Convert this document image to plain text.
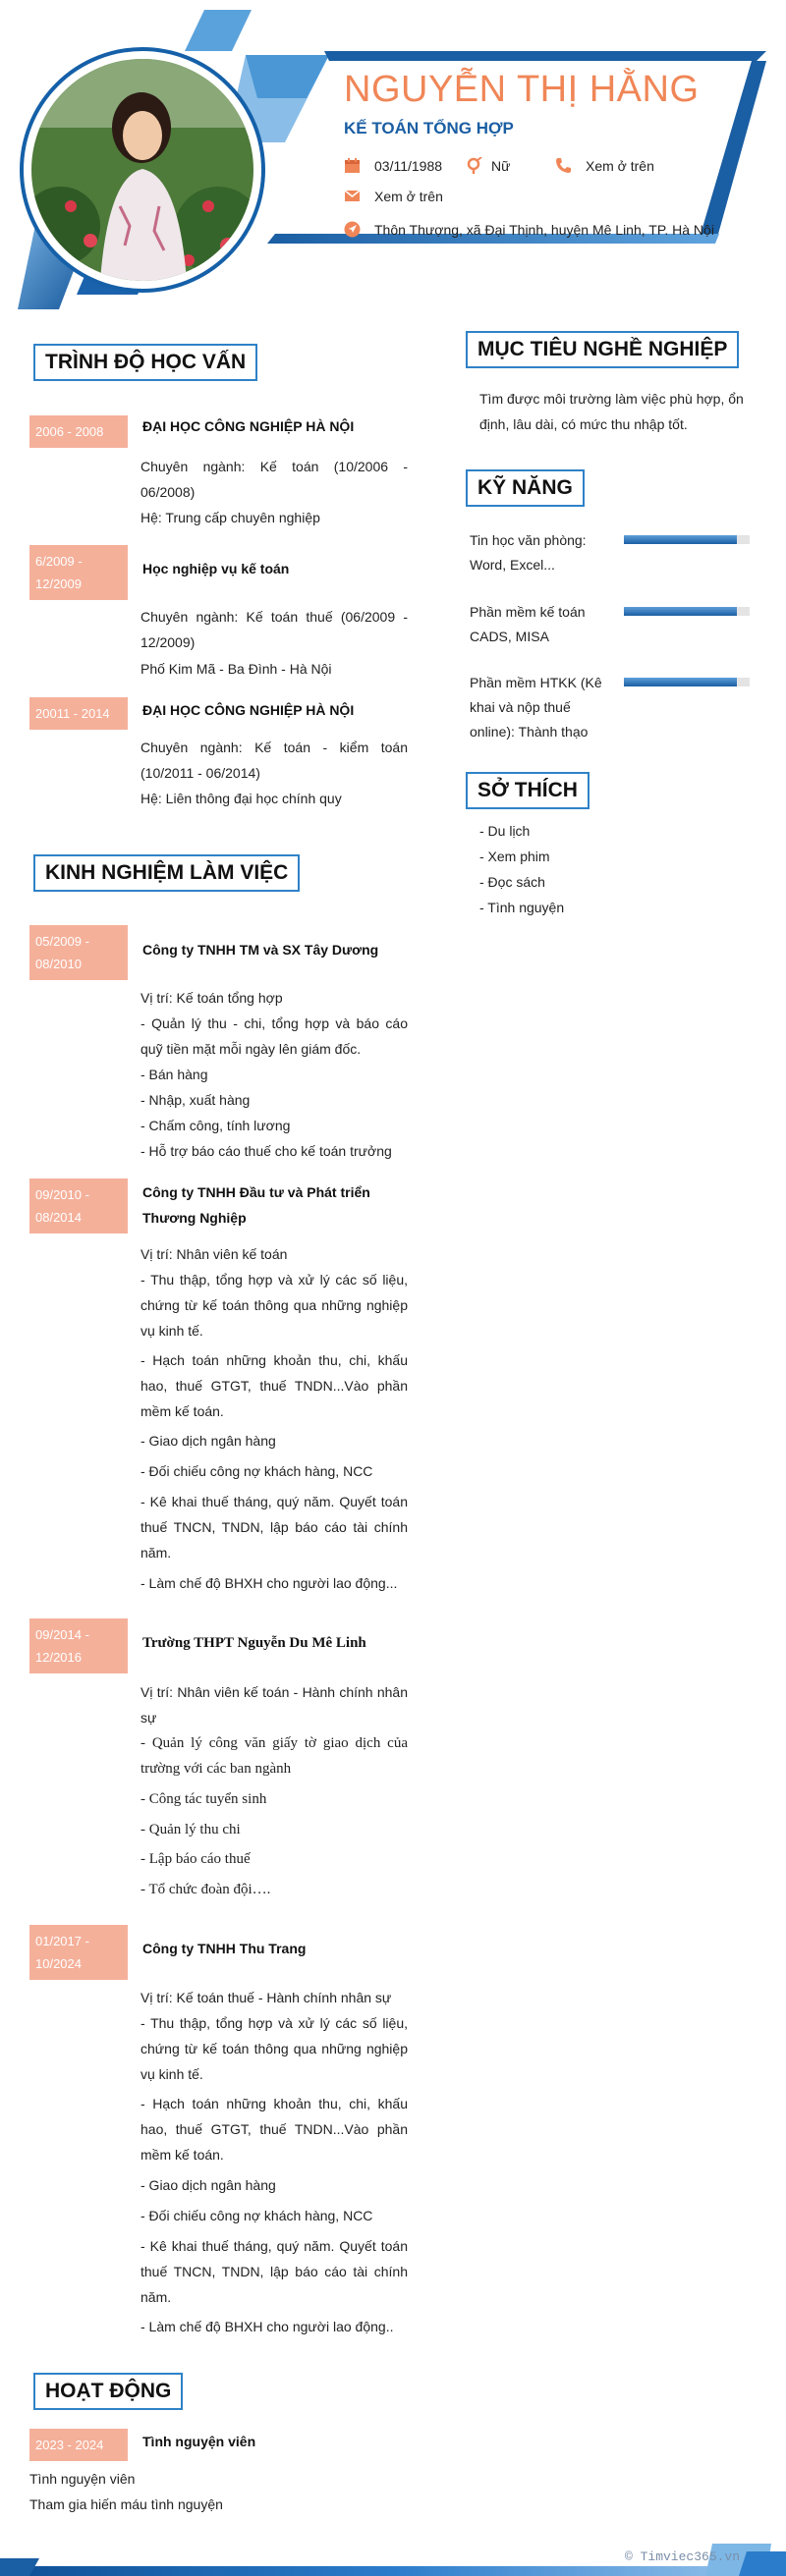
NGUYỄN THỊ HẰNG
KẾ TOÁN TỔNG HỢP
03/11/1988	Nữ	Xem ở trên
Xem ở trên
Thôn Thượng, xã Đại Thịnh, huyện Mê Linh, TP. Hà Nội
TRÌNH ĐỘ HỌC VẤN
2006 - 2008	ĐẠI HỌC CÔNG NGHIỆP HÀ NỘI
Chuyên ngành: Kế toán (10/2006 - 06/2008)
Hệ: Trung cấp chuyên nghiệp
6/2009 - 12/2009
Học nghiệp vụ kế toán
Chuyên ngành: Kế toán thuế (06/2009 - 12/2009)
Phố Kim Mã - Ba Đình - Hà Nội
20011 - 2014	ĐẠI HỌC CÔNG NGHIỆP HÀ NỘI
Chuyên ngành: Kế toán - kiểm toán (10/2011 - 06/2014)
Hệ: Liên thông đại học chính quy
KINH NGHIỆM LÀM VIỆC
05/2009 - 08/2010
Công ty TNHH TM và SX Tây Dương
Vị trí: Kế toán tổng hợp
- Quản lý thu - chi, tổng hợp và báo cáo quỹ tiền mặt mỗi ngày lên giám đốc.
- Bán hàng
- Nhập, xuất hàng
- Chấm công, tính lương
- Hỗ trợ báo cáo thuế cho kế toán trưởng
09/2010 - 08/2014
Công ty TNHH Đầu tư và Phát triển Thương Nghiệp
Vị trí: Nhân viên kế toán
- Thu thập, tổng hợp và xử lý các số liệu, chứng từ kế toán thông qua những nghiệp vụ kinh tế.
- Hạch toán những khoản thu, chi, khấu hao, thuế GTGT, thuế TNDN...Vào phần mềm kế toán.
- Giao dịch ngân hàng
- Đối chiếu công nợ khách hàng, NCC
- Kê khai thuế tháng, quý năm. Quyết toán thuế TNCN, TNDN, lập báo cáo tài chính năm.
- Làm chế độ BHXH cho người lao động...
09/2014 - 12/2016
Trường THPT Nguyễn Du Mê Linh
Vị trí: Nhân viên kế toán - Hành chính nhân sự
- Quản lý công văn giấy tờ giao dịch của trường với các ban ngành
- Công tác tuyển sinh
- Quản lý thu chi
- Lập báo cáo thuế
- Tổ chức đoàn đội….
01/2017 - 10/2024
Công ty TNHH Thu Trang
Vị trí: Kế toán thuế - Hành chính nhân sự
- Thu thập, tổng hợp và xử lý các số liệu, chứng từ kế toán thông qua những nghiệp vụ kinh tế.
- Hạch toán những khoản thu, chi, khấu hao, thuế GTGT, thuế TNDN...Vào phần mềm kế toán.
- Giao dịch ngân hàng
- Đối chiếu công nợ khách hàng, NCC
- Kê khai thuế tháng, quý năm. Quyết toán thuế TNCN, TNDN, lập báo cáo tài chính năm.
- Làm chế độ BHXH cho người lao động..
HOẠT ĐỘNG
2023 - 2024	Tình nguyện viên
Tình nguyện viên
Tham gia hiến máu tình nguyện
MỤC TIÊU NGHỀ NGHIỆP
Tìm được môi trường làm việc phù hợp, ổn định, lâu dài, có mức thu nhập tốt.
KỸ NĂNG
Tin học văn phòng: Word, Excel...
Phần mềm kế toán CADS, MISA
Phần mềm HTKK (Kê khai và nộp thuế online): Thành thạo
SỞ THÍCH
- Du lịch
- Xem phim
- Đọc sách
- Tình nguyện
© Timviec365.vn
